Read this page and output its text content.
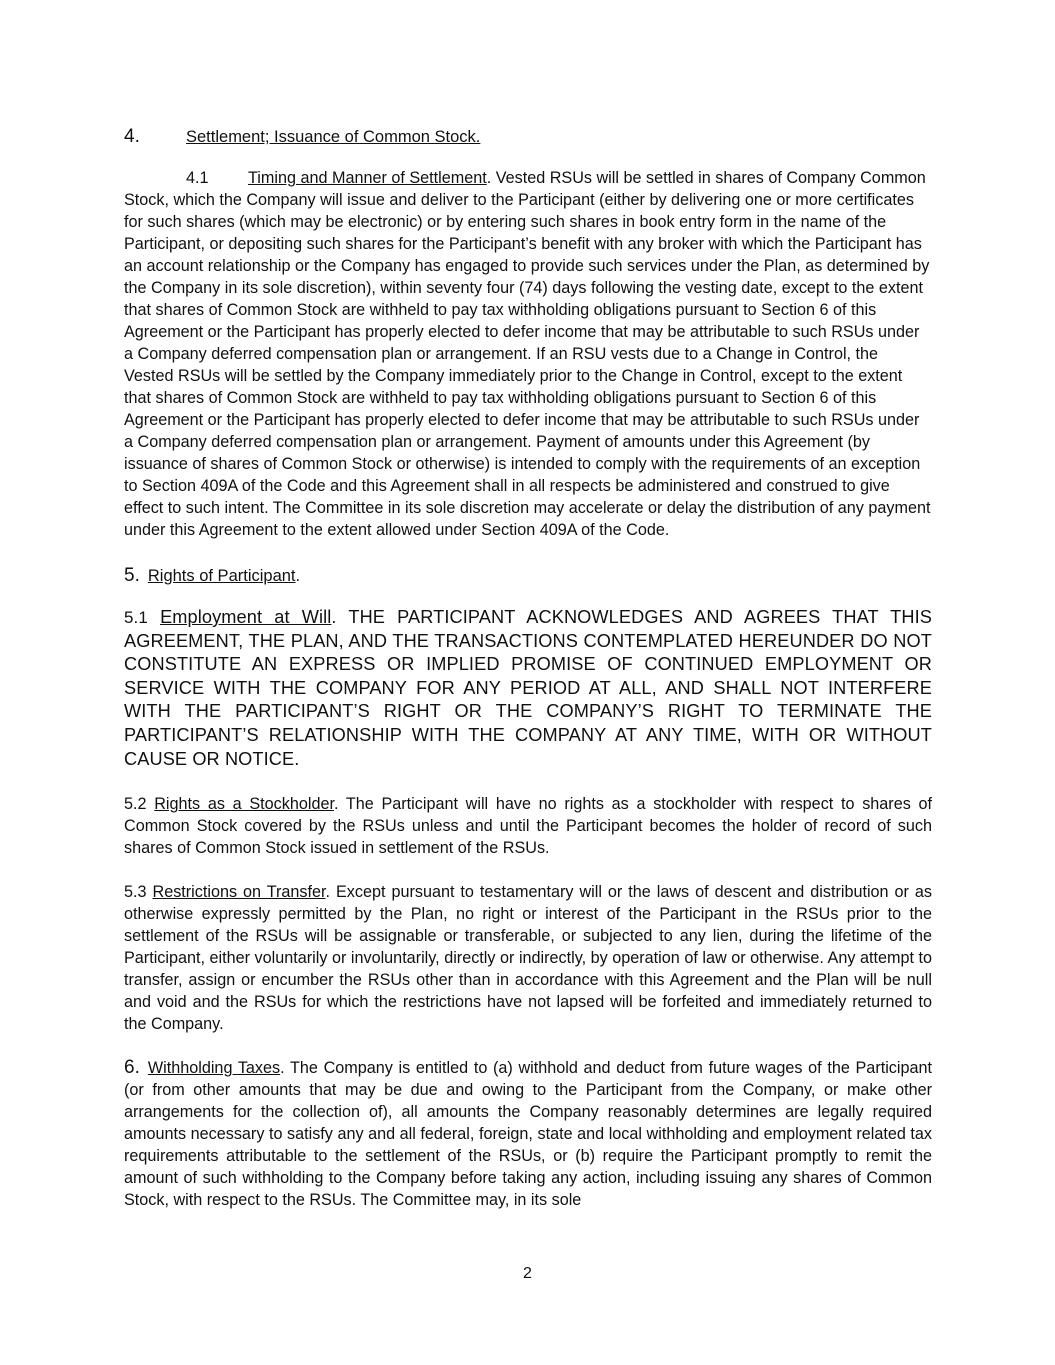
4.	Settlement; Issuance of Common Stock.

4.1 Timing and Manner of Settlement. Vested RSUs will be settled in shares of Company Common Stock, which the Company will issue and deliver to the Participant (either by delivering one or more certificates for such shares (which may be electronic) or by entering such shares in book entry form in the name of the Participant, or depositing such shares for the Participant’s benefit with any broker with which the Participant has an account relationship or the Company has engaged to provide such services under the Plan, as determined by the Company in its sole discretion), within seventy four (74) days following the vesting date, except to the extent that shares of Common Stock are withheld to pay tax withholding obligations pursuant to Section 6 of this Agreement or the Participant has properly elected to defer income that may be attributable to such RSUs under a Company deferred compensation plan or arrangement. If an RSU vests due to a Change in Control, the Vested RSUs will be settled by the Company immediately prior to the Change in Control, except to the extent that shares of Common Stock are withheld to pay tax withholding obligations pursuant to Section 6 of this Agreement or the Participant has properly elected to defer income that may be attributable to such RSUs under a Company deferred compensation plan or arrangement. Payment of amounts under this Agreement (by issuance of shares of Common Stock or otherwise) is intended to comply with the requirements of an exception to Section 409A of the Code and this Agreement shall in all respects be administered and construed to give effect to such intent. The Committee in its sole discretion may accelerate or delay the distribution of any payment under this Agreement to the extent allowed under Section 409A of the Code.

5. Rights of Participant.

5.1 Employment at Will. THE PARTICIPANT ACKNOWLEDGES AND AGREES THAT THIS AGREEMENT, THE PLAN, AND THE TRANSACTIONS CONTEMPLATED HEREUNDER DO NOT CONSTITUTE AN EXPRESS OR IMPLIED PROMISE OF CONTINUED EMPLOYMENT OR SERVICE WITH THE COMPANY FOR ANY PERIOD AT ALL, AND SHALL NOT INTERFERE WITH THE PARTICIPANT’S RIGHT OR THE COMPANY’S RIGHT TO TERMINATE THE PARTICIPANT’S RELATIONSHIP WITH THE COMPANY AT ANY TIME, WITH OR WITHOUT CAUSE OR NOTICE.

5.2 Rights as a Stockholder. The Participant will have no rights as a stockholder with respect to shares of Common Stock covered by the RSUs unless and until the Participant becomes the holder of record of such shares of Common Stock issued in settlement of the RSUs.

5.3 Restrictions on Transfer. Except pursuant to testamentary will or the laws of descent and distribution or as otherwise expressly permitted by the Plan, no right or interest of the Participant in the RSUs prior to the settlement of the RSUs will be assignable or transferable, or subjected to any lien, during the lifetime of the Participant, either voluntarily or involuntarily, directly or indirectly, by operation of law or otherwise. Any attempt to transfer, assign or encumber the RSUs other than in accordance with this Agreement and the Plan will be null and void and the RSUs for which the restrictions have not lapsed will be forfeited and immediately returned to the Company.

6. Withholding Taxes. The Company is entitled to (a) withhold and deduct from future wages of the Participant (or from other amounts that may be due and owing to the Participant from the Company, or make other arrangements for the collection of), all amounts the Company reasonably determines are legally required amounts necessary to satisfy any and all federal, foreign, state and local withholding and employment related tax requirements attributable to the settlement of the RSUs, or (b) require the Participant promptly to remit the amount of such withholding to the Company before taking any action, including issuing any shares of Common Stock, with respect to the RSUs. The Committee may, in its sole

2
